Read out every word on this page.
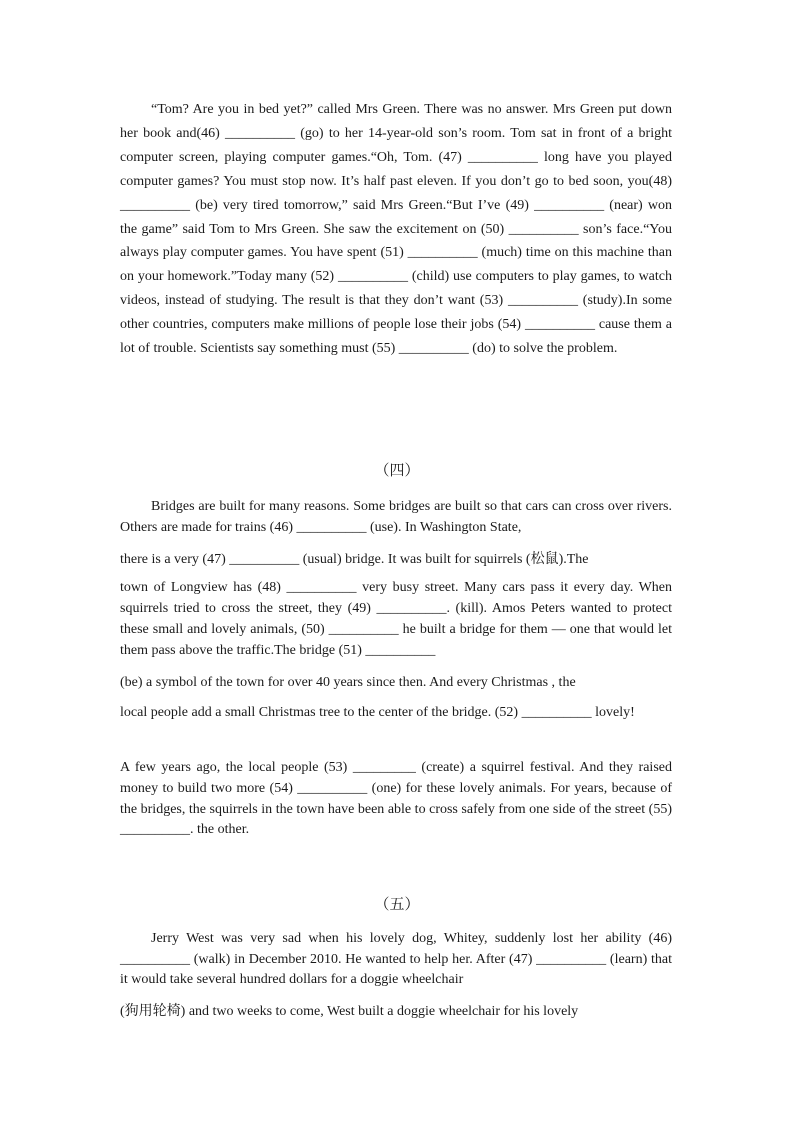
“Tom? Are you in bed yet?” called Mrs Green. There was no answer. Mrs Green put down her book and(46) __________ (go) to her 14-year-old son’s room. Tom sat in front of a bright computer screen, playing computer games.“Oh, Tom. (47) __________ long have you played computer games? You must stop now. It’s half past eleven. If you don’t go to bed soon, you(48) __________ (be) very tired tomorrow,” said Mrs Green.“But I’ve (49) __________ (near) won the game” said Tom to Mrs Green. She saw the excitement on (50) __________ son’s face.“You always play computer games. You have spent (51) __________ (much) time on this machine than on your homework.”Today many (52) __________ (child) use computers to play games, to watch videos, instead of studying. The result is that they don’t want (53) __________ (study).In some other countries, computers make millions of people lose their jobs (54) __________ cause them a lot of trouble. Scientists say something must (55) __________ (do) to solve the problem.
（四）
Bridges are built for many reasons. Some bridges are built so that cars can cross over rivers. Others are made for trains (46) __________ (use). In Washington State,
there is a very (47) __________ (usual) bridge. It was built for squirrels (松鼠).The
town of Longview has (48) __________ very busy street. Many cars pass it every day. When squirrels tried to cross the street, they (49) __________. (kill). Amos Peters wanted to protect these small and lovely animals, (50) __________ he built a bridge for them — one that would let them pass above the traffic.The bridge (51) __________
(be) a symbol of the town for over 40 years since then. And every Christmas , the
local people add a small Christmas tree to the center of the bridge. (52) __________ lovely!
A few years ago, the local people (53) _________ (create) a squirrel festival. And they raised money to build two more (54) __________ (one) for these lovely animals. For years, because of the bridges, the squirrels in the town have been able to cross safely from one side of the street (55) __________. the other.
（五）
Jerry West was very sad when his lovely dog, Whitey, suddenly lost her ability (46) __________ (walk) in December 2010. He wanted to help her. After (47) __________ (learn) that it would take several hundred dollars for a doggie wheelchair
(狗用轮椅) and two weeks to come, West built a doggie wheelchair for his lovely
